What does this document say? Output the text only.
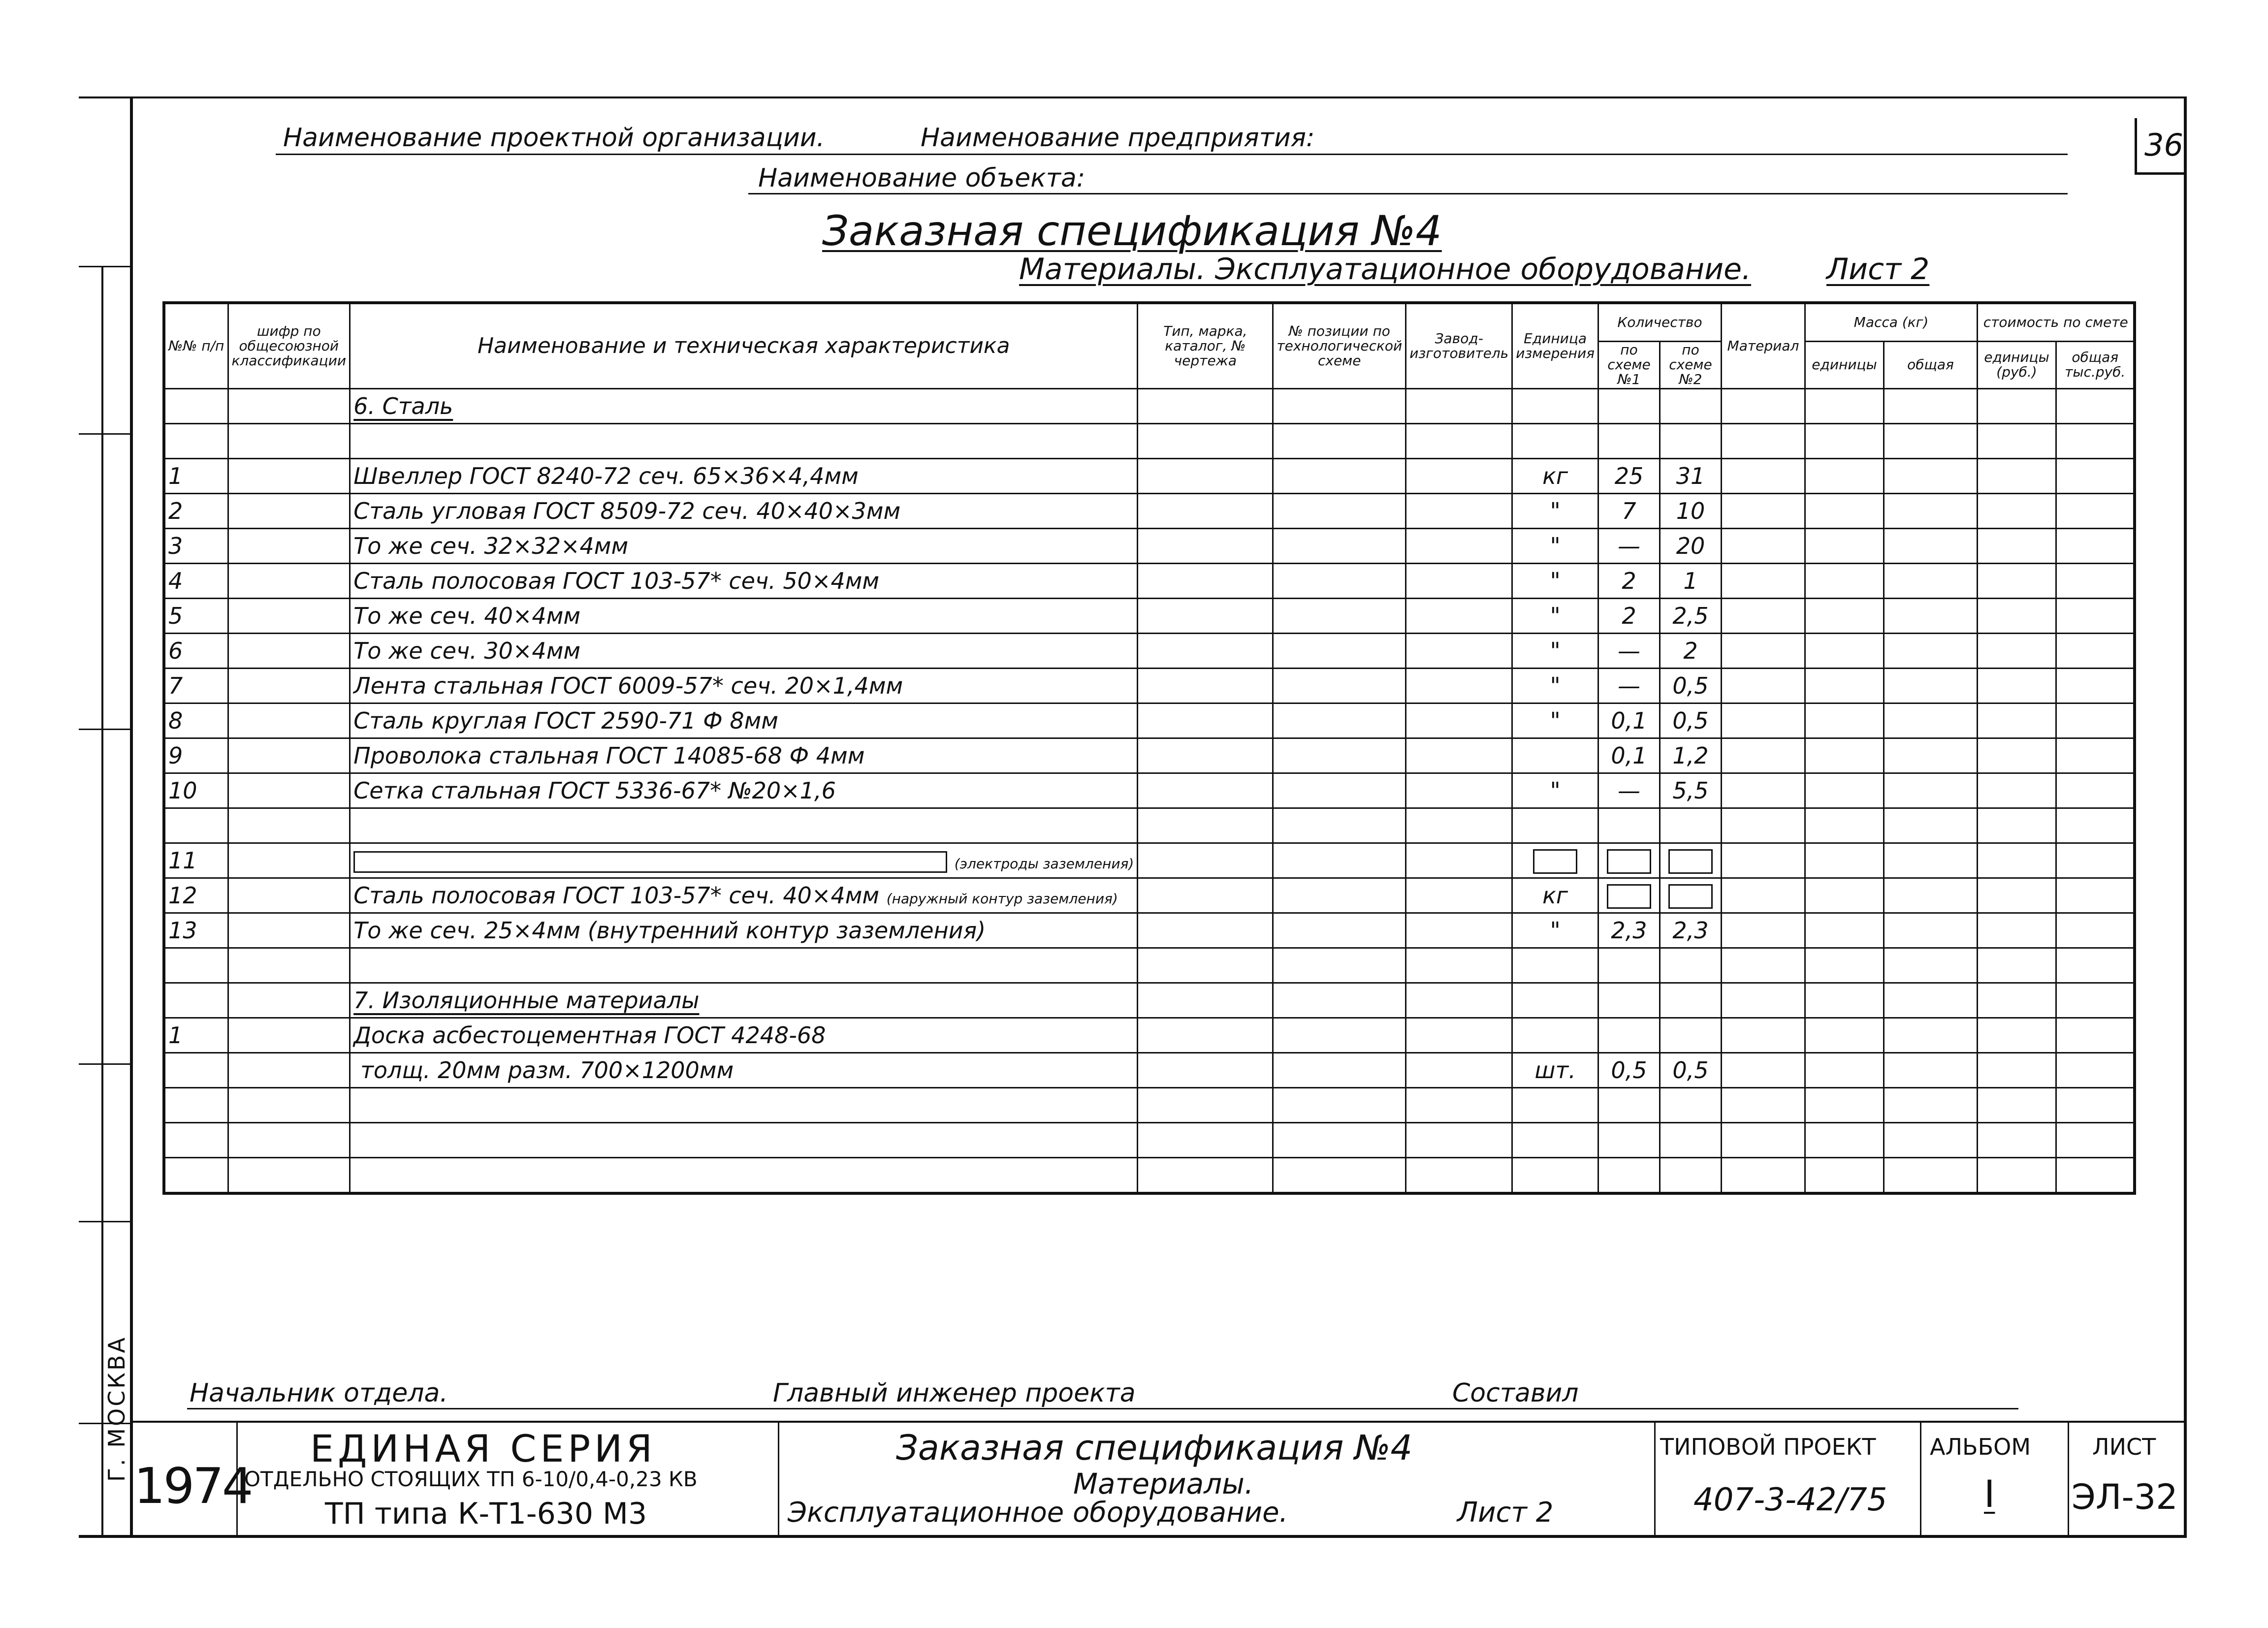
Г. МОСКВА
36
Наименование проектной организации.	Наименование предприятия:
Наименование объекта:
Заказная спецификация №4
Материалы. Эксплуатационное оборудование.	Лист 2
№№ п/п	шифр по общесоюзной классификации	Наименование и техническая характеристика	Тип, марка, каталог, № чертежа	№ позиции по технологической схеме	Завод-изготовитель	Единица измерения	Количество		Материал	Масса (кг)		стоимость по смете	
							по схеме №1	по схеме №2		единицы	общая	единицы (руб.)	общая тыс.руб.
		6. Сталь											

1		Швеллер ГОСТ 8240-72 сеч. 65×36×4,4мм				кг	25	31					
2		Сталь угловая ГОСТ 8509-72 сеч. 40×40×3мм				"	7	10					
3		То же сеч. 32×32×4мм				"	—	20					
4		Сталь полосовая ГОСТ 103-57* сеч. 50×4мм				"	2	1					
5		То же сеч. 40×4мм				"	2	2,5					
6		То же сеч. 30×4мм				"	—	2					
7		Лента стальная ГОСТ 6009-57* сеч. 20×1,4мм				"	—	0,5					
8		Сталь круглая ГОСТ 2590-71 Ф 8мм				"	0,1	0,5					
9		Проволока стальная ГОСТ 14085-68 Ф 4мм					0,1	1,2					
10		Сетка стальная ГОСТ 5336-67* №20×1,6				"	—	5,5					

11		(электроды заземления)											
12		Сталь полосовая ГОСТ 103-57* сеч. 40×4мм (наружный контур заземления)				кг							
13		То же сеч. 25×4мм (внутренний контур заземления)				"	2,3	2,3					

		7. Изоляционные материалы											
1		Доска асбестоцементная ГОСТ 4248-68											
		толщ. 20мм разм. 700×1200мм				шт.	0,5	0,5					

Начальник отдела.	Главный инженер проекта	Составил
1974
ЕДИНАЯ СЕРИЯ
ОТДЕЛЬНО СТОЯЩИХ ТП 6-10/0,4-0,23 КВ
ТП типа К-Т1-630 М3
Заказная спецификация №4
Материалы.
Эксплуатационное оборудование.	Лист 2
ТИПОВОЙ ПРОЕКТ
407-3-42/75
АЛЬБОМ
I
ЛИСТ
ЭЛ-32
